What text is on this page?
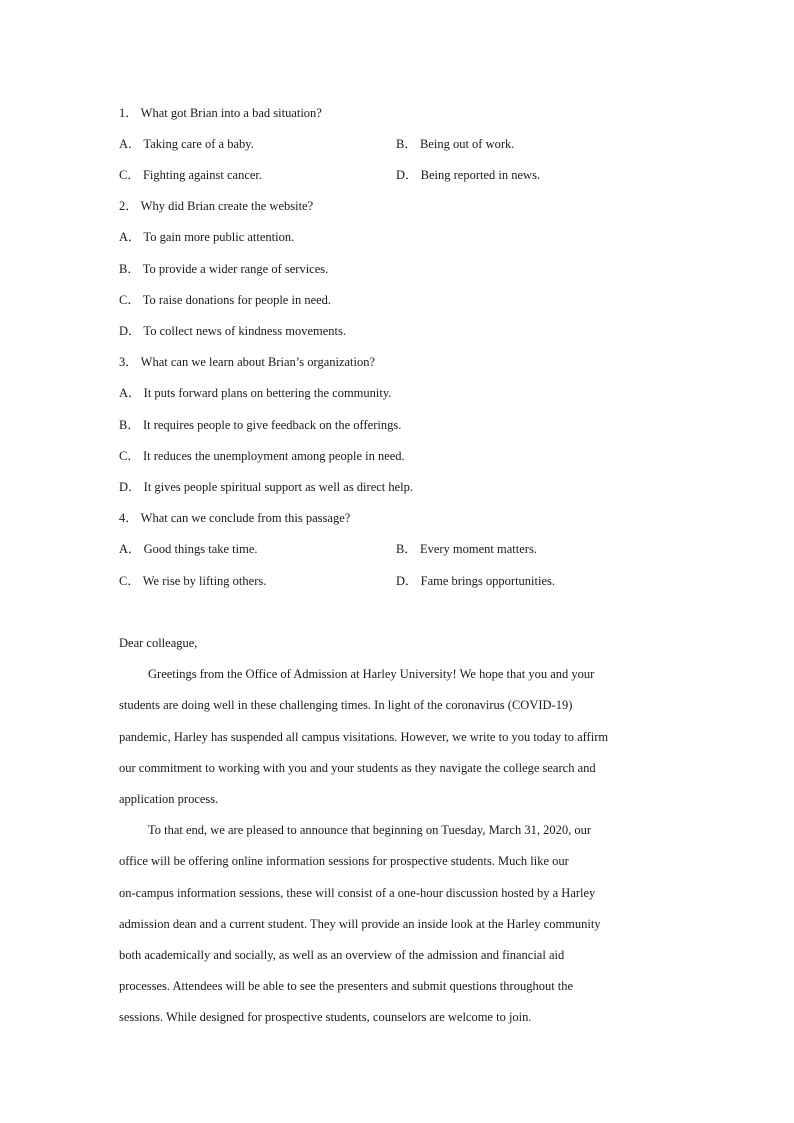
1． What got Brian into a bad situation?
A． Taking care of a baby.	B． Being out of work.
C． Fighting against cancer.	D． Being reported in news.
2． Why did Brian create the website?
A． To gain more public attention.
B． To provide a wider range of services.
C． To raise donations for people in need.
D． To collect news of kindness movements.
3． What can we learn about Brian’s organization?
A． It puts forward plans on bettering the community.
B． It requires people to give feedback on the offerings.
C． It reduces the unemployment among people in need.
D． It gives people spiritual support as well as direct help.
4． What can we conclude from this passage?
A． Good things take time.	B． Every moment matters.
C． We rise by lifting others.	D． Fame brings opportunities.
Dear colleague,
Greetings from the Office of Admission at Harley University! We hope that you and your
students are doing well in these challenging times. In light of the coronavirus (COVID-19)
pandemic, Harley has suspended all campus visitations. However, we write to you today to affirm
our commitment to working with you and your students as they navigate the college search and
application process.
To that end, we are pleased to announce that beginning on Tuesday, March 31, 2020, our
office will be offering online information sessions for prospective students. Much like our
on-campus information sessions, these will consist of a one-hour discussion hosted by a Harley
admission dean and a current student. They will provide an inside look at the Harley community
both academically and socially, as well as an overview of the admission and financial aid
processes. Attendees will be able to see the presenters and submit questions throughout the
sessions. While designed for prospective students, counselors are welcome to join.
